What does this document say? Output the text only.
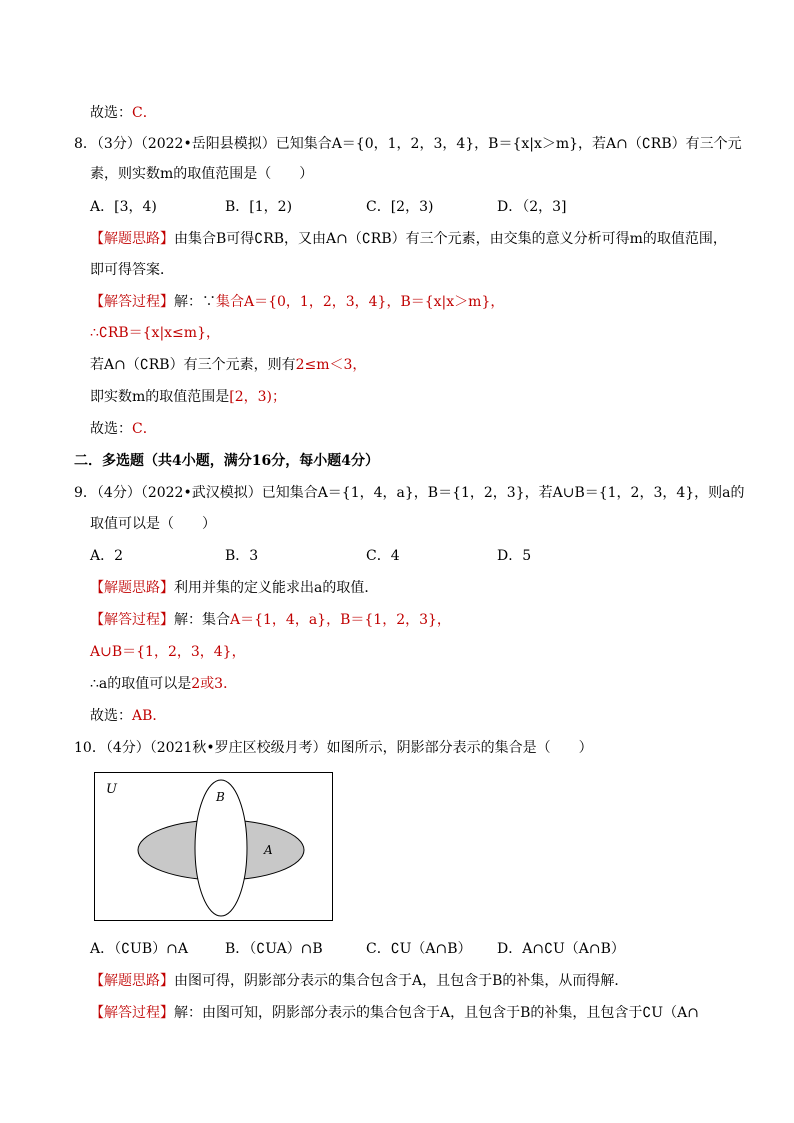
故选：C．
8．（3分）（2022•岳阳县模拟）已知集合A＝{0，1，2，3，4}，B＝{x|x＞m}，若A∩（∁RB）有三个元
素，则实数m的取值范围是（　　）
A．[3，4)	B．[1，2)	C．[2，3)	D．（2，3]
【解题思路】由集合B可得∁RB，又由A∩（∁RB）有三个元素，由交集的意义分析可得m的取值范围，
即可得答案．
【解答过程】解：∵集合A＝{0，1，2，3，4}，B＝{x|x＞m}，
∴∁RB＝{x|x≤m}，
若A∩（∁RB）有三个元素，则有2≤m＜3，
即实数m的取值范围是[2，3)；
故选：C．
二．多选题（共4小题，满分16分，每小题4分）
9．（4分）（2022•武汉模拟）已知集合A＝{1，4，a}，B＝{1，2，3}，若A∪B＝{1，2，3，4}，则a的
取值可以是（　　）
A．2	B．3	C．4	D．5
【解题思路】利用并集的定义能求出a的取值．
【解答过程】解：集合A＝{1，4，a}，B＝{1，2，3}，
A∪B＝{1，2，3，4}，
∴a的取值可以是2或3．
故选：AB．
10．（4分）（2021秋•罗庄区校级月考）如图所示，阴影部分表示的集合是（　　）
U	B
A
A．（∁UB）∩A	B．（∁UA）∩B	C．∁U（A∩B） D．A∩∁U（A∩B）
【解题思路】由图可得，阴影部分表示的集合包含于A，且包含于B的补集，从而得解．
【解答过程】解：由图可知，阴影部分表示的集合包含于A，且包含于B的补集，且包含于∁U（A∩
